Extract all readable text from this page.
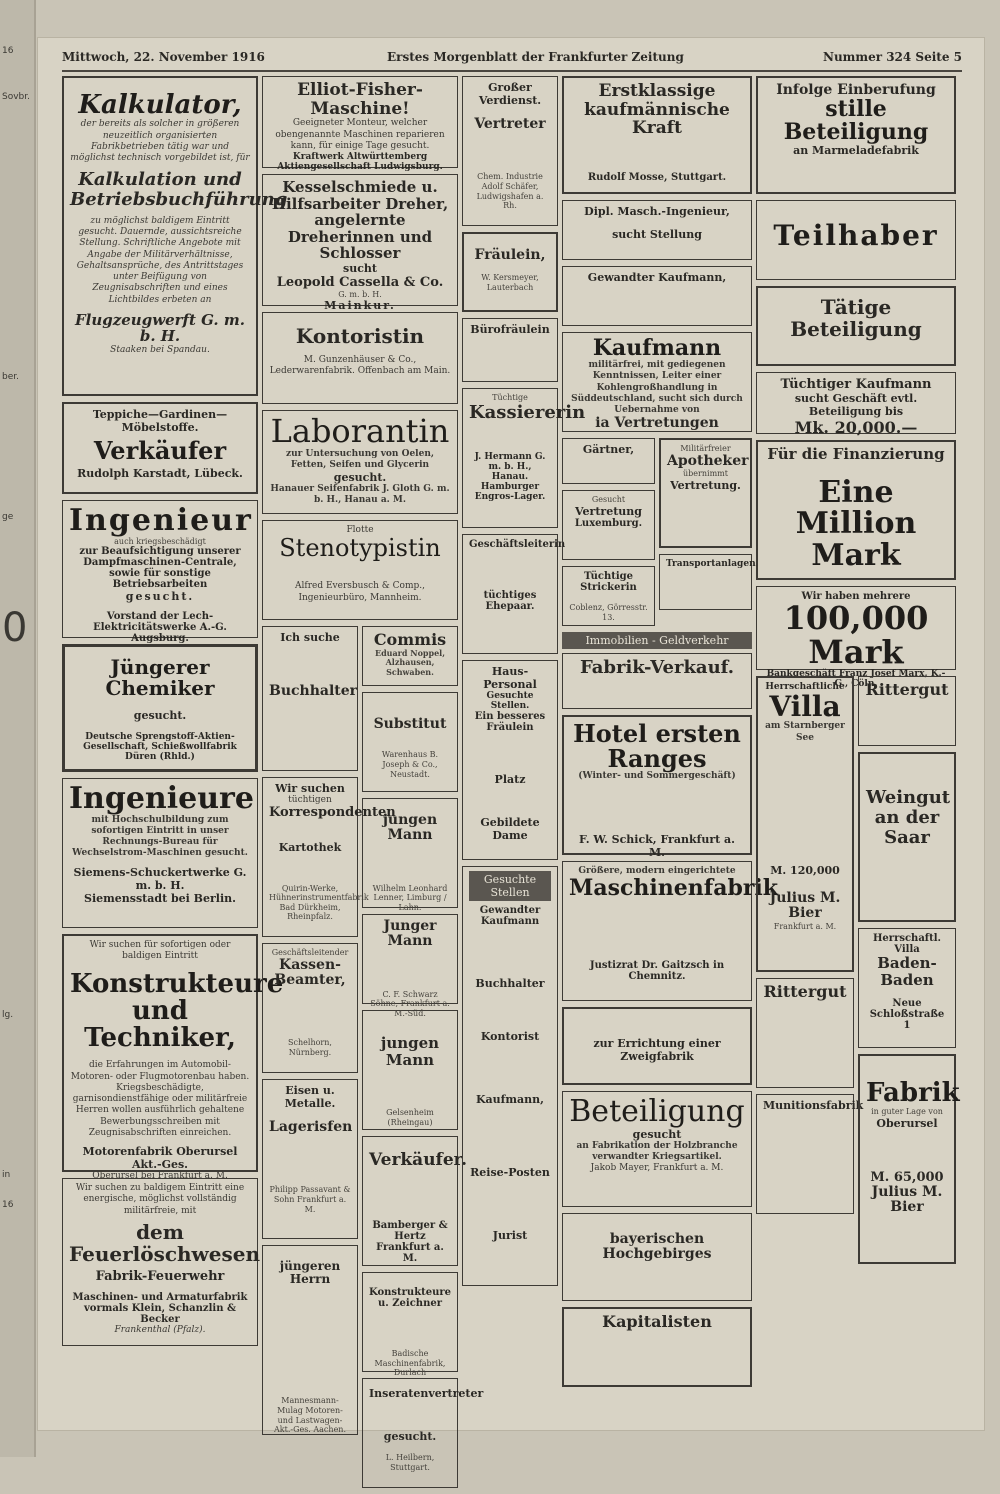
16
Sovbr.
ber.
ge
0
lg.
in
16
Mittwoch, 22. November 1916	Erstes Morgenblatt der Frankfurter Zeitung	Nummer 324 Seite 5
Kalkulator,
der bereits als solcher in größeren neuzeitlich organisierten Fabrikbetrieben tätig war und möglichst technisch vorgebildet ist, für
Kalkulation und Betriebsbuchführung
zu möglichst baldigem Eintritt gesucht. Dauernde, aussichtsreiche Stellung. Schriftliche Angebote mit Angabe der Militärverhältnisse, Gehaltsansprüche, des Antrittstages unter Beifügung von Zeugnisabschriften und eines Lichtbildes erbeten an
Flugzeugwerft G. m. b. H.
Staaken bei Spandau.
Teppiche—Gardinen—Möbelstoffe.
Verkäufer
Rudolph Karstadt, Lübeck.
Ingenieur
auch kriegsbeschädigt
zur Beaufsichtigung unserer Dampfmaschinen-Centrale, sowie für sonstige Betriebsarbeiten
gesucht.
Vorstand der Lech-Elektricitätswerke A.-G. Augsburg.
Jüngerer Chemiker
gesucht.
Deutsche Sprengstoff-Aktien-Gesellschaft, Schießwollfabrik Düren (Rhld.)
Ingenieure
mit Hochschulbildung zum sofortigen Eintritt in unser Rechnungs-Bureau für Wechselstrom-Maschinen gesucht.
Siemens-Schuckertwerke G. m. b. H.
Siemensstadt bei Berlin.
Wir suchen für sofortigen oder baldigen Eintritt
Konstrukteure und Techniker,
die Erfahrungen im Automobil-Motoren- oder Flugmotorenbau haben. Kriegsbeschädigte, garnisondienstfähige oder militärfreie Herren wollen ausführlich gehaltene Bewerbungsschreiben mit Zeugnisabschriften einreichen.
Motorenfabrik Oberursel Akt.-Ges.
Oberursel bei Frankfurt a. M.
Wir suchen zu baldigem Eintritt eine energische, möglichst vollständig militärfreie, mit
dem Feuerlöschwesen
Fabrik-Feuerwehr
Maschinen- und Armaturfabrik vormals Klein, Schanzlin & Becker
Frankenthal (Pfalz).
Elliot-Fisher-Maschine!
Geeigneter Monteur, welcher obengenannte Maschinen reparieren kann, für einige Tage gesucht.
Kraftwerk Altwürttemberg Aktiengesellschaft Ludwigsburg.
Kesselschmiede u. Hilfsarbeiter Dreher, angelernte Dreherinnen und Schlosser
sucht
Leopold Cassella & Co.
G. m. b. H.
Mainkur.
Kontoristin
M. Gunzenhäuser & Co., Lederwarenfabrik. Offenbach am Main.
Laborantin
zur Untersuchung von Oelen, Fetten, Seifen und Glycerin
gesucht.
Hanauer Seifenfabrik J. Gloth G. m. b. H., Hanau a. M.
Flotte
Stenotypistin
Alfred Eversbusch & Comp., Ingenieurbüro, Mannheim.
Ich suche
Buchhalter
Wir suchen
tüchtigen
Korrespondenten
Kartothek
Quirin-Werke, Hühnerinstrumentfabrik Bad Dürkheim, Rheinpfalz.
Geschäftsleitender
Kassen-Beamter,
Schelhorn, Nürnberg.
Eisen u. Metalle.
Lagerisfen
Philipp Passavant & Sohn Frankfurt a. M.
jüngeren Herrn
Mannesmann-Mulag Motoren- und Lastwagen-Akt.-Ges. Aachen.
Commis
Eduard Noppel, Alzhausen, Schwaben.
Substitut
Warenhaus B. Joseph & Co., Neustadt.
jungen Mann
Wilhelm Leonhard Lenner, Limburg / Lahn.
Junger Mann
C. F. Schwarz Söhne, Frankfurt a. M.-Süd.
jungen Mann
Gelsenheim (Rheingau)
Verkäufer.
Bamberger & Hertz Frankfurt a. M.
Konstrukteure u. Zeichner
Badische Maschinenfabrik, Durlach
Inseratenvertreter
gesucht.
L. Heilbern, Stuttgart.
Großer Verdienst.
Vertreter
Chem. Industrie Adolf Schäfer, Ludwigshafen a. Rh.
Fräulein,
W. Kersmeyer, Lauterbach
Bürofräulein
Tüchtige
Kassiererin
J. Hermann G. m. b. H., Hanau.
Hamburger Engros-Lager.
Geschäftsleiterin
tüchtiges Ehepaar.
Haus-Personal
Gesuchte Stellen.
Ein besseres Fräulein
Platz
Gebildete Dame
Gesuchte Stellen
Gewandter Kaufmann
Buchhalter
Kontorist
Kaufmann,
Reise-Posten
Jurist
Erstklassige kaufmännische Kraft
Rudolf Mosse, Stuttgart.
Dipl. Masch.-Ingenieur,
sucht Stellung
Gewandter Kaufmann,
Kaufmann
militärfrei, mit gediegenen Kenntnissen, Leiter einer Kohlengroßhandlung in Süddeutschland, sucht sich durch Uebernahme von
ia Vertretungen
Gärtner,
Gesucht
Vertretung
Luxemburg.
Tüchtige Strickerin
Coblenz, Görresstr. 13.
Militärfreier
Apotheker
übernimmt
Vertretung.
Transportanlagen.
Immobilien - Geldverkehr
Fabrik-Verkauf.
Hotel ersten Ranges
(Winter- und Sommergeschäft)
F. W. Schick, Frankfurt a. M.
Größere, modern eingerichtete
Maschinenfabrik
Justizrat Dr. Gaitzsch in Chemnitz.
zur Errichtung einer Zweigfabrik
Beteiligung
gesucht
an Fabrikation der Holzbranche verwandter Kriegsartikel.
Jakob Mayer, Frankfurt a. M.
bayerischen Hochgebirges
Kapitalisten
Infolge Einberufung
stille Beteiligung
an Marmeladefabrik
Teilhaber
Tätige Beteiligung
Tüchtiger Kaufmann
sucht Geschäft evtl. Beteiligung bis
Mk. 20,000.—
Für die Finanzierung
Eine Million Mark
Wir haben mehrere
100,000 Mark
Bankgeschäft Franz Josef Marx, K.-G., Cöln.
Herrschaftliche
Villa
am Starnberger See
M. 120,000
Julius M. Bier
Frankfurt a. M.
Rittergut
Munitionsfabrik
Rittergut
Weingut an der Saar
Herrschaftl. Villa
Baden-Baden
Neue Schloßstraße 1
Fabrik
in guter Lage von
Oberursel
M. 65,000
Julius M. Bier
